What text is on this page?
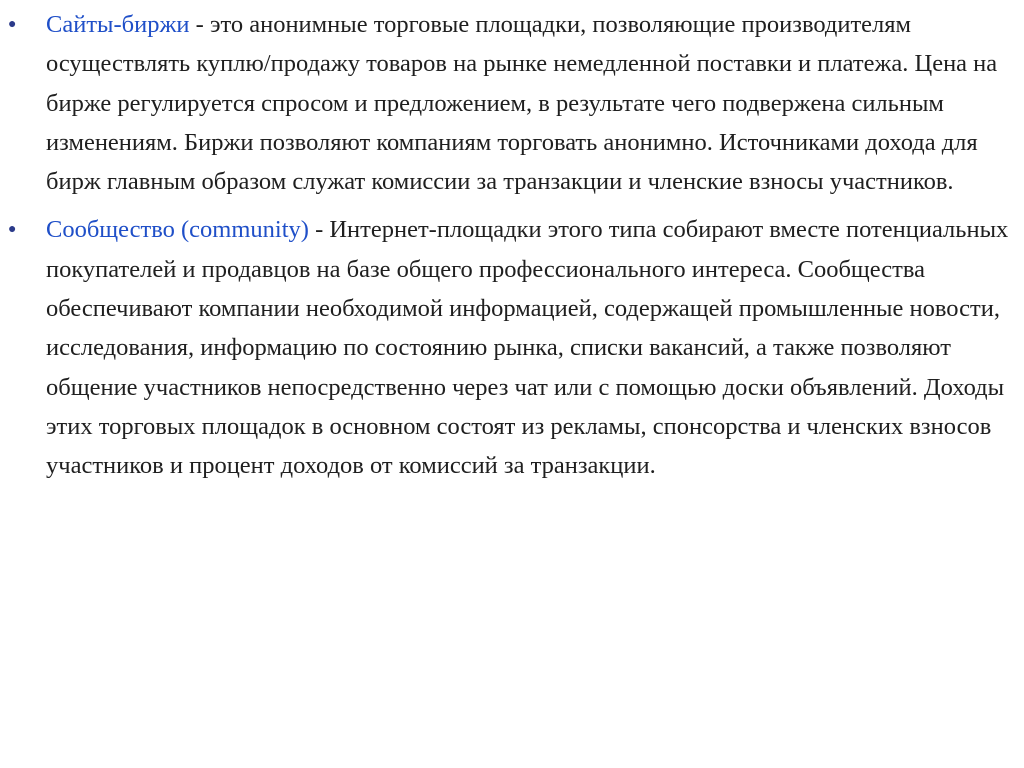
● Сайты-биржи - это анонимные торговые площадки, позволяющие производителям осуществлять куплю/продажу товаров на рынке немедленной поставки и платежа. Цена на бирже регулируется спросом и предложением, в результате чего подвержена сильным изменениям. Биржи позволяют компаниям торговать анонимно. Источниками дохода для бирж главным образом служат комиссии за транзакции и членские взносы участников.
● Сообщество (community) - Интернет-площадки этого типа собирают вместе потенциальных покупателей и продавцов на базе общего профессионального интереса. Сообщества обеспечивают компании необходимой информацией, содержащей промышленные новости, исследования, информацию по состоянию рынка, списки вакансий, а также позволяют общение участников непосредственно через чат или с помощью доски объявлений. Доходы этих торговых площадок в основном состоят из рекламы, спонсорства и членских взносов участников и процент доходов от комиссий за транзакции.
